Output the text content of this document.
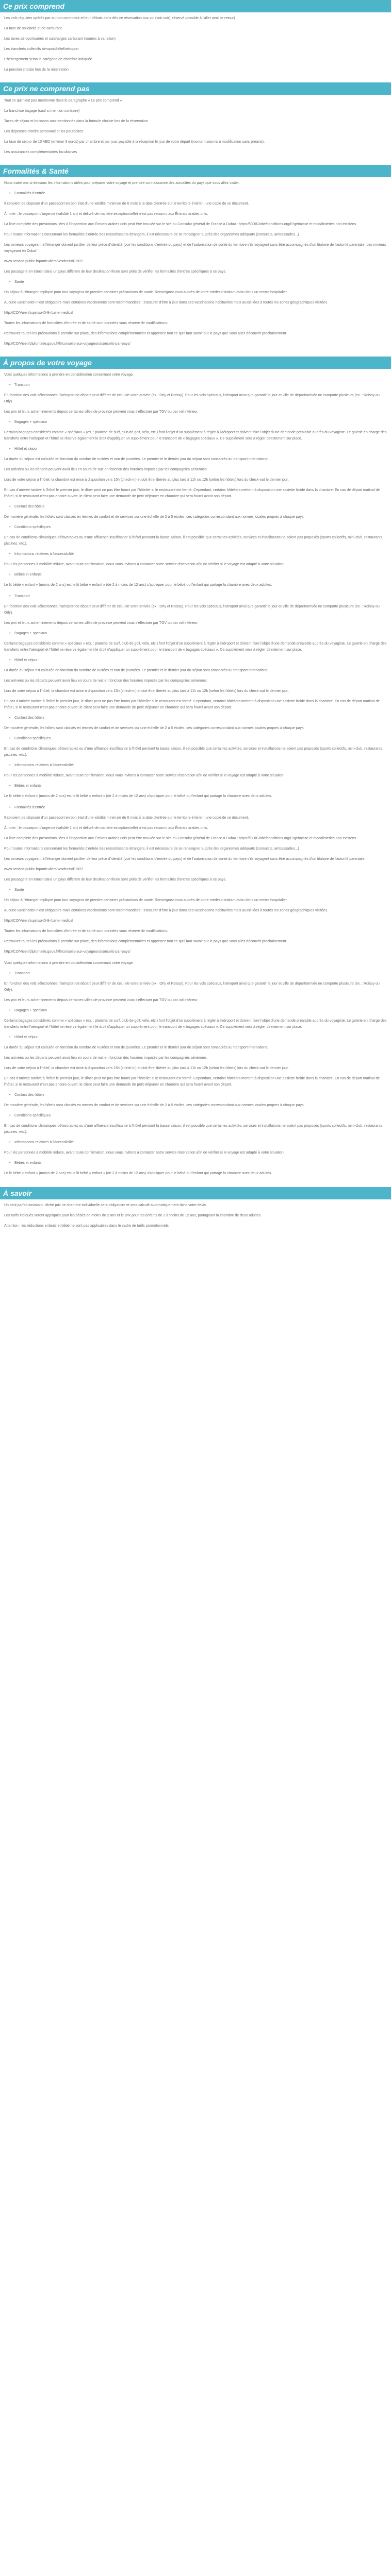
Ce prix comprend

Les vols réguliers opérés par au bon controleur et leur débuts dans dès ce réservation aux vol (voir voir). réservé possible à l'aller aval se retour)

La taxe de solidarité et de carburant

Les taxes aéroportuaires et surcharges carburant (soumis à variation)

Les transferts collectifs aéroport/hôtel/aéroport

L'hébergement selon la catégorie de chambre indiquée

La pension choisie lors de la réservation

Ce prix ne comprend pas

Tout ce qui n'est pas mentionné dans le paragraphe « Le prix comprend »

La franchise bagage (sauf si mention contraire)

Taxes de séjour et boissons non mentionnés dans la formule choisie lors de la réservation

Les dépenses d'ordre personnel et les pourboires

La taxe de séjour de 10 AED (environ 3 euros) par chambre et par jour, payable à la réception le jour de votre départ (montant soumis à modification sans préavis).

Les assurances complémentaires facultatives

Formalités & Santé

Nous traiterons ci-dessous les informations utiles pour préparer votre voyage et prendre connaissance des actualités du pays que vous allez visiter.

• Formalités d'entrée

Il convient de disposer d'un passeport en bon état d'une validité minimale de 6 mois à la date d'entrée sur le territoire émirien, une copie de ce document.

À noter : le passeport d'urgence (validité 1 an) et délivré de manière exceptionnelle) n'est pas reconnu aux Émirats arabes unis.

La liste complète des prestations liées à l'Inspection aux Émirats arabes unis peut être trouvée sur le site du Consulat général de France à Dubaï : https://CO/Globe/conditions.org/Ergebnisse et modalisteries non-existens

Pour toutes informations concernant les formalités d'entrée des ressortissants étrangers, il est nécessaire de se renseigner auprès des organismes adéquats (consulats, ambassades...)

Les mineurs voyageant à l'étranger doivent justifier de leur pièce d'identité (voir les conditions d'entrée du pays) et de l'autorisation de sortie du territoire s'ils voyagent sans être accompagnés d'un titulaire de l'autorité parentale. Les mineurs voyageant en Dubaï.

www.service-public.fr/particuliers/vosdroits/F1922

Les passagers en transit dans un pays différent de leur destination finale sont priés de vérifier les formalités d'entrée spécifiques à ce pays.

• Santé

Un séjour à l'étranger implique pour tout voyageur de prendre certaines précautions de santé. Renseignez-vous auprès de votre médecin traitant et/ou dans un centre hospitalier.

Aucune vaccination n'est obligatoire mais certaines vaccinations sont recommandées : s'assurer d'être à jour dans ses vaccinations habituelles mais aussi liées à toutes les zones géographiques visitées.

http://CO/Vieen/sujets/a-D-9-/carte-medical

Toutes les informations de formalités d'entrée et de santé sont données sous réserve de modifications.

Retrouvez toutes les précautions à prendre sur place, des informations complémentaires et apprenez tout ce qu'il faut savoir sur le pays que vous allez découvrir prochainement.

http://CO/Vieen/diplomatie.gouv.fr/fr/conseils-aux-voyageurs/conseils-par-pays/

À propos de votre voyage

Voici quelques informations à prendre en considération concernant votre voyage.

• Transport

En fonction des vols sélectionnés, l'aéroport de départ peut différer de celui de votre arrivée (ex : Orly et Roissy). Pour les vols spéciaux, l'aéroport ainsi que garantir le jour et ville de départ/arrivée ne comporte plusieurs (ex. : Roissy ou Orly).

Les prix et leurs acheminements depuis certaines villes de province peuvent vous s'effectuer par TGV ou par vol intérieur.

• Bagages + spéciaux

Certains bagages considérés comme « spéciaux » (ex. : planche de surf, club de golf, vélo, etc.) font l'objet d'un supplément à régler à l'aéroport et doivent faire l'objet d'une demande préalable auprès du voyagiste. Le galerie en charge des transferts entre l'aéroport et l'hôtel se réserve également le droit d'appliquer un supplément pour le transport de « bagages spéciaux ». Ce supplément sera à régler directement sur place.

• Hôtel et séjour

La durée du séjour est calculée en fonction du nombre de nuitées et non de journées. Le premier et le dernier jour du séjour sont consacrés au transport international.

Les arrivées ou les départs peuvent avoir lieu en cours de nuit en fonction des horaires imposés par les compagnies aériennes.

Lors de votre séjour à l'hôtel, la chambre est mise à disposition vers 15h (check-in) et doit être libérée au plus tard à 11h ou 12h (selon les hôtels) lors du check-out le dernier jour.

En cas d'arrivée tardive à l'hôtel le premier jour, le dîner peut ne pas être fourni par l'hôtelier si le restaurant est fermé. Cependant, certains hôteliers mettent à disposition une assiette froide dans la chambre. En cas de départ matinal de l'hôtel, si le restaurant n'est pas encore ouvert, le client peut faire une demande de petit-déjeuner en chambre qui sera fourni avant son départ.

• Contact des hôtels

De manière générale, les hôtels sont classés en termes de confort et de services sur une échelle de 2 à 5 étoiles, ces catégories correspondant aux normes locales propres à chaque pays.

• Conditions spécifiques

En cas de conditions climatiques défavorables ou d'une affluence insuffisante à l'hôtel pendant la basse saison, il est possible que certaines activités, services et installations ne soient pas proposés (sports collectifs, mini-club, restaurants, piscines, etc.).

• Informations relatives à l'accessibilité

Pour les personnes à mobilité réduite, avant toute confirmation, nous vous invitons à contacter notre service réservation afin de vérifier si le voyage est adapté à votre situation.

• Bébés et enfants

Le lit bébé « enfant » (moins de 2 ans) est le lit bébé « enfant » (de 2 à moins de 12 ans) s'appliquer pour le bébé ou l'enfant qui partage la chambre avec deux adultes.

• Transport

En fonction des vols sélectionnés, l'aéroport de départ peut différer de celui de votre arrivée (ex : Orly et Roissy). Pour les vols spéciaux, l'aéroport ainsi que garantir le jour et ville de départ/arrivée ne comporte plusieurs (ex. : Roissy ou Orly).

Les prix et leurs acheminements depuis certaines villes de province peuvent vous s'effectuer par TGV ou par vol intérieur.

• Bagages + spéciaux

Certains bagages considérés comme « spéciaux » (ex. : planche de surf, club de golf, vélo, etc.) font l'objet d'un supplément à régler à l'aéroport et doivent faire l'objet d'une demande préalable auprès du voyagiste. Le galerie en charge des transferts entre l'aéroport et l'hôtel se réserve également le droit d'appliquer un supplément pour le transport de « bagages spéciaux ». Ce supplément sera à régler directement sur place.

• Hôtel et séjour

La durée du séjour est calculée en fonction du nombre de nuitées et non de journées. Le premier et le dernier jour du séjour sont consacrés au transport international.

Les arrivées ou les départs peuvent avoir lieu en cours de nuit en fonction des horaires imposés par les compagnies aériennes.

Lors de votre séjour à l'hôtel, la chambre est mise à disposition vers 15h (check-in) et doit être libérée au plus tard à 11h ou 12h (selon les hôtels) lors du check-out le dernier jour.

En cas d'arrivée tardive à l'hôtel le premier jour, le dîner peut ne pas être fourni par l'hôtelier si le restaurant est fermé. Cependant, certains hôteliers mettent à disposition une assiette froide dans la chambre. En cas de départ matinal de l'hôtel, si le restaurant n'est pas encore ouvert, le client peut faire une demande de petit-déjeuner en chambre qui sera fourni avant son départ.

• Contact des hôtels

De manière générale, les hôtels sont classés en termes de confort et de services sur une échelle de 2 à 5 étoiles, ces catégories correspondant aux normes locales propres à chaque pays.

• Conditions spécifiques

En cas de conditions climatiques défavorables ou d'une affluence insuffisante à l'hôtel pendant la basse saison, il est possible que certaines activités, services et installations ne soient pas proposés (sports collectifs, mini-club, restaurants, piscines, etc.).

• Informations relatives à l'accessibilité

Pour les personnes à mobilité réduite, avant toute confirmation, nous vous invitons à contacter notre service réservation afin de vérifier si le voyage est adapté à votre situation.

• Bébés et enfants

Le lit bébé « enfant » (moins de 2 ans) est le lit bébé « enfant » (de 2 à moins de 12 ans) s'appliquer pour le bébé ou l'enfant qui partage la chambre avec deux adultes.

• Formalités d'entrée

Il convient de disposer d'un passeport en bon état d'une validité minimale de 6 mois à la date d'entrée sur le territoire émirien, une copie de ce document.

À noter : le passeport d'urgence (validité 1 an) et délivré de manière exceptionnelle) n'est pas reconnu aux Émirats arabes unis.

La liste complète des prestations liées à l'Inspection aux Émirats arabes unis peut être trouvée sur le site du Consulat général de France à Dubaï : https://CO/Globe/conditions.org/Ergebnisse et modalisteries non-existens

Pour toutes informations concernant les formalités d'entrée des ressortissants étrangers, il est nécessaire de se renseigner auprès des organismes adéquats (consulats, ambassades...)

Les mineurs voyageant à l'étranger doivent justifier de leur pièce d'identité (voir les conditions d'entrée du pays) et de l'autorisation de sortie du territoire s'ils voyagent sans être accompagnés d'un titulaire de l'autorité parentale.

www.service-public.fr/particuliers/vosdroits/F1922

Les passagers en transit dans un pays différent de leur destination finale sont priés de vérifier les formalités d'entrée spécifiques à ce pays.

• Santé

Un séjour à l'étranger implique pour tout voyageur de prendre certaines précautions de santé. Renseignez-vous auprès de votre médecin traitant et/ou dans un centre hospitalier.

Aucune vaccination n'est obligatoire mais certaines vaccinations sont recommandées : s'assurer d'être à jour dans ses vaccinations habituelles mais aussi liées à toutes les zones géographiques visitées.

http://CO/Vieen/sujets/a-D-9-/carte-medical

Toutes les informations de formalités d'entrée et de santé sont données sous réserve de modifications.

Retrouvez toutes les précautions à prendre sur place, des informations complémentaires et apprenez tout ce qu'il faut savoir sur le pays que vous allez découvrir prochainement.

http://CO/Vieen/diplomatie.gouv.fr/fr/conseils-aux-voyageurs/conseils-par-pays/

Voici quelques informations à prendre en considération concernant votre voyage.

• Transport

En fonction des vols sélectionnés, l'aéroport de départ peut différer de celui de votre arrivée (ex : Orly et Roissy). Pour les vols spéciaux, l'aéroport ainsi que garantir le jour et ville de départ/arrivée ne comporte plusieurs (ex. : Roissy ou Orly).

Les prix et leurs acheminements depuis certaines villes de province peuvent vous s'effectuer par TGV ou par vol intérieur.

• Bagages + spéciaux

Certains bagages considérés comme « spéciaux » (ex. : planche de surf, club de golf, vélo, etc.) font l'objet d'un supplément à régler à l'aéroport et doivent faire l'objet d'une demande préalable auprès du voyagiste. Le galerie en charge des transferts entre l'aéroport et l'hôtel se réserve également le droit d'appliquer un supplément pour le transport de « bagages spéciaux ». Ce supplément sera à régler directement sur place.

• Hôtel et séjour

La durée du séjour est calculée en fonction du nombre de nuitées et non de journées. Le premier et le dernier jour du séjour sont consacrés au transport international.

Les arrivées ou les départs peuvent avoir lieu en cours de nuit en fonction des horaires imposés par les compagnies aériennes.

Lors de votre séjour à l'hôtel, la chambre est mise à disposition vers 15h (check-in) et doit être libérée au plus tard à 11h ou 12h (selon les hôtels) lors du check-out le dernier jour.

En cas d'arrivée tardive à l'hôtel le premier jour, le dîner peut ne pas être fourni par l'hôtelier si le restaurant est fermé. Cependant, certains hôteliers mettent à disposition une assiette froide dans la chambre. En cas de départ matinal de l'hôtel, si le restaurant n'est pas encore ouvert, le client peut faire une demande de petit-déjeuner en chambre qui sera fourni avant son départ.

• Contact des hôtels

De manière générale, les hôtels sont classés en termes de confort et de services sur une échelle de 2 à 5 étoiles, ces catégories correspondant aux normes locales propres à chaque pays.

• Conditions spécifiques

En cas de conditions climatiques défavorables ou d'une affluence insuffisante à l'hôtel pendant la basse saison, il est possible que certaines activités, services et installations ne soient pas proposés (sports collectifs, mini-club, restaurants, piscines, etc.).

• Informations relatives à l'accessibilité

Pour les personnes à mobilité réduite, avant toute confirmation, nous vous invitons à contacter notre service réservation afin de vérifier si le voyage est adapté à votre situation.

• Bébés et enfants

Le lit bébé « enfant » (moins de 2 ans) est le lit bébé « enfant » (de 2 à moins de 12 ans) s'appliquer pour le bébé ou l'enfant qui partage la chambre avec deux adultes.

À savoir

Un seul parfait assistant, cliché prix ne chambre individuelle sera obligatoire et sera calculé automatiquement dans votre devis.

Les tarifs indiqués seront appliqués pour les bébés de moins de 2 ans et le prix pour les enfants de 2 à moins de 12 ans, partageant la chambre de deux adultes.

Attention : les réductions enfants et bébé ne sont pas applicables dans le cadre de tarifs promotionnels.
